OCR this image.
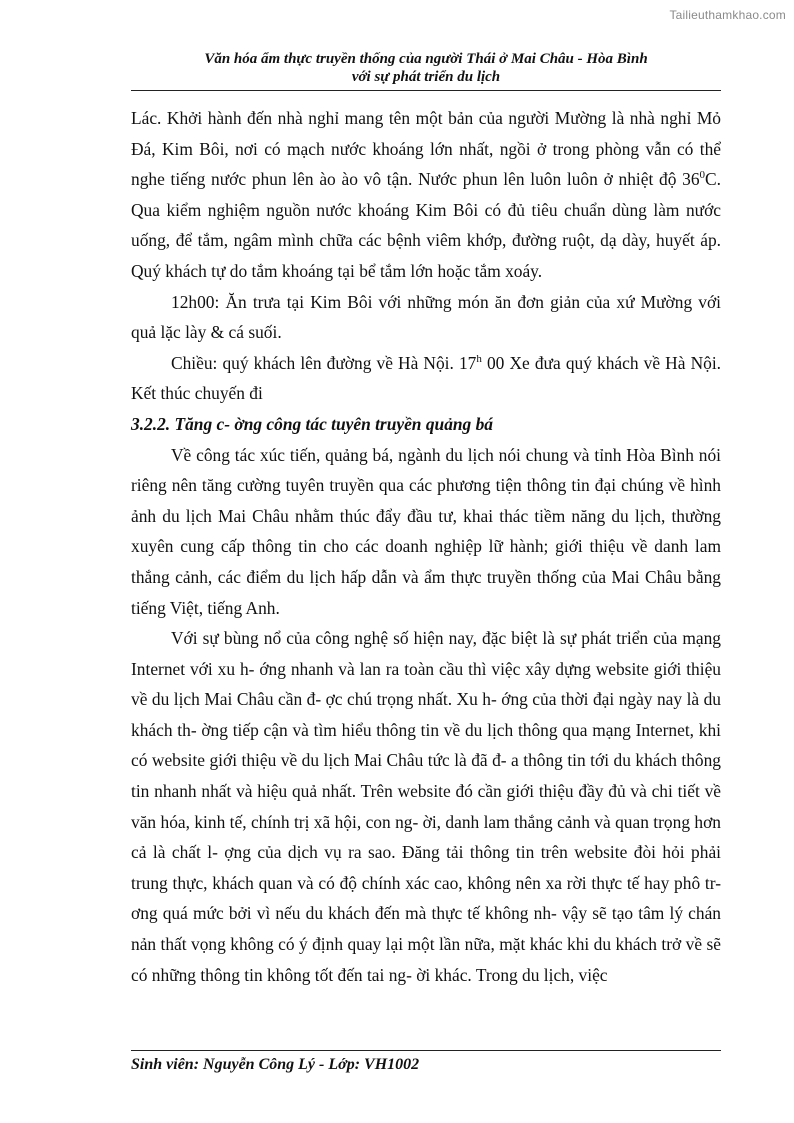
Tailieuthamkhao.com
Văn hóa ẩm thực truyền thống của người Thái ở Mai Châu - Hòa Bình
với sự phát triển du lịch

Lác. Khởi hành đến nhà nghỉ mang tên một bản của người Mường là nhà nghỉ Mỏ Đá, Kim Bôi, nơi có mạch nước khoáng lớn nhất, ngồi ở trong phòng vẫn có thể nghe tiếng nước phun lên ào ào vô tận. Nước phun lên luôn luôn ở nhiệt độ $36^0C$. Qua kiểm nghiệm nguồn nước khoáng Kim Bôi có đủ tiêu chuẩn dùng làm nước uống, để tắm, ngâm mình chữa các bệnh viêm khớp, đường ruột, dạ dày, huyết áp. Quý khách tự do tắm khoáng tại bể tắm lớn hoặc tắm xoáy.

12h00: Ăn trưa tại Kim Bôi với những món ăn đơn giản của xứ Mường với quả lặc lày & cá suối.

Chiều: quý khách lên đường về Hà Nội. 17$^h$ 00 Xe đưa quý khách về Hà Nội. Kết thúc chuyến đi

3.2.2. Tăng c- ờng công tác tuyên truyền quảng bá

Về công tác xúc tiến, quảng bá, ngành du lịch nói chung và tỉnh Hòa Bình nói riêng nên tăng cường tuyên truyền qua các phương tiện thông tin đại chúng về hình ảnh du lịch Mai Châu nhằm thúc đẩy đầu tư, khai thác tiềm năng du lịch, thường xuyên cung cấp thông tin cho các doanh nghiệp lữ hành; giới thiệu về danh lam thắng cảnh, các điểm du lịch hấp dẫn và ẩm thực truyền thống của Mai Châu bằng tiếng Việt, tiếng Anh.

Với sự bùng nổ của công nghệ số hiện nay, đặc biệt là sự phát triển của mạng Internet với xu h- ớng nhanh và lan ra toàn cầu thì việc xây dựng website giới thiệu về du lịch Mai Châu cần đ- ợc chú trọng nhất. Xu h- ớng của thời đại ngày nay là du khách th- ờng tiếp cận và tìm hiểu thông tin về du lịch thông qua mạng Internet, khi có website giới thiệu về du lịch Mai Châu tức là đã đ- a thông tin tới du khách thông tin nhanh nhất và hiệu quả nhất. Trên website đó cần giới thiệu đầy đủ và chi tiết về văn hóa, kinh tế, chính trị xã hội, con ng- ời, danh lam thắng cảnh và quan trọng hơn cả là chất l- ợng của dịch vụ ra sao. Đăng tải thông tin trên website đòi hỏi phải trung thực, khách quan và có độ chính xác cao, không nên xa rời thực tế hay phô tr- ơng quá mức bởi vì nếu du khách đến mà thực tế không nh- vậy sẽ tạo tâm lý chán nản thất vọng không có ý định quay lại một lần nữa, mặt khác khi du khách trở về sẽ có những thông tin không tốt đến tai ng- ời khác. Trong du lịch, việc

Sinh viên: Nguyễn Công Lý - Lớp: VH1002
